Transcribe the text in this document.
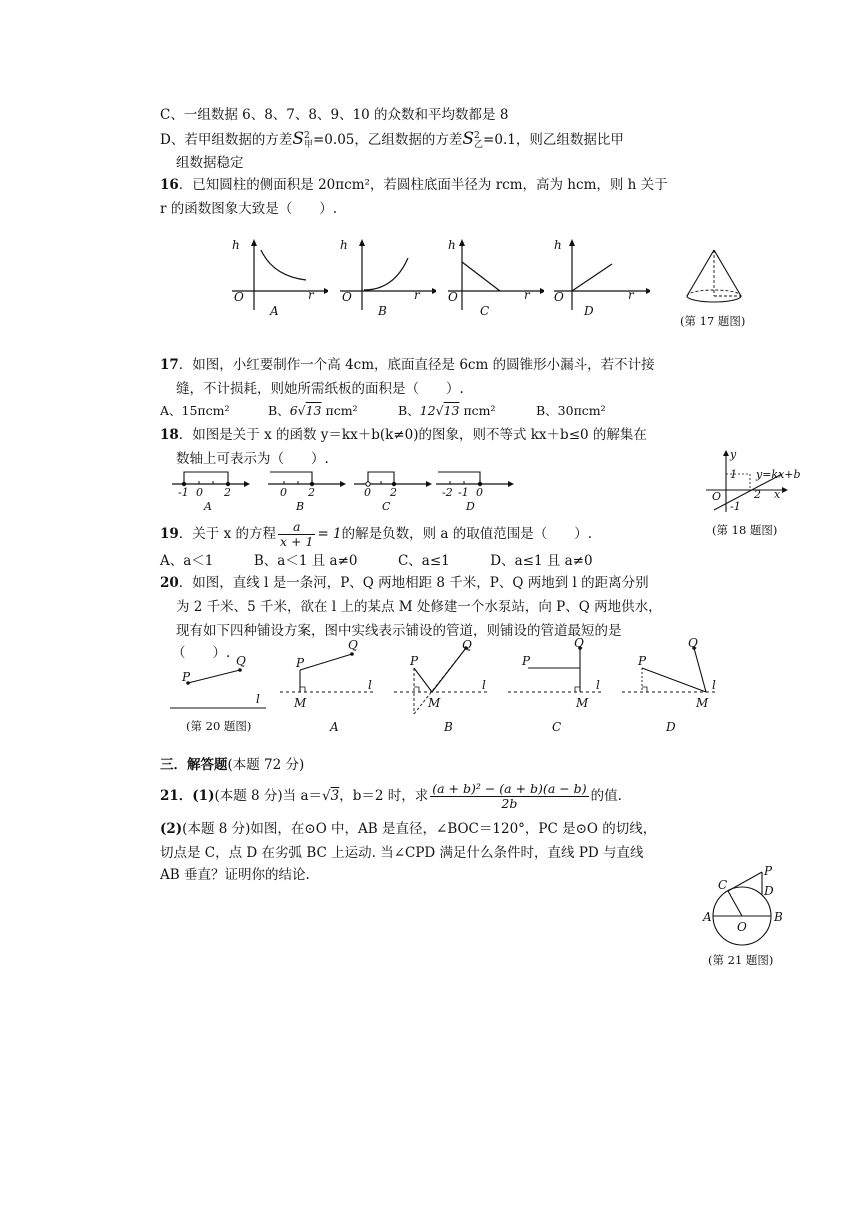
C、一组数据 6、8、7、8、9、10 的众数和平均数都是 8
D、若甲组数据的方差S 2
甲 =0.05，乙组数据的方差S 2
乙 =0.1，则乙组数据比甲
组数据稳定
16．已知圆柱的侧面积是 20πcm²，若圆柱底面半径为 rcm，高为 hcm，则 h 关于
r 的函数图象大致是（　　）.
h
r
O
A
h
r
O
B
h
r
O
C
h
r
O
D
(第 17 题图)
17．如图，小红要制作一个高 4cm，底面直径是 6cm 的圆锥形小漏斗，若不计接
缝，不计损耗，则她所需纸板的面积是（　　）.
A、15πcm²	B、6√13 πcm²	B、12√13 πcm²	B、30πcm²
18．如图是关于 x 的函数 y＝kx＋b(k≠0)的图象，则不等式 kx＋b≤0 的解集在
数轴上可表示为（　　）.
-1 0 2
A
0 2
B
0 2
C
-2 -1 0
D
y
1 y=kx+b
O	2 x
-1
(第 18 题图)
19．关于 x 的方程 $\frac{a}{x + 1} = 1$的解是负数，则 a 的取值范围是（　　）.
A、a＜1　　　B、a＜1 且 a≠0　　　C、a≤1　　　D、a≤1 且 a≠0
20．如图，直线 l 是一条河，P、Q 两地相距 8 千米，P、Q 两地到 l 的距离分别
为 2 千米、5 千米，欲在 l 上的某点 M 处修建一个水泵站，向 P、Q 两地供水，
现有如下四种铺设方案，图中实线表示铺设的管道，则铺设的管道最短的是
（　　）.
P
Q
l
(第 20 题图)
P
Q
l
M
A
P
Q
l
M
B
P
Q
l
M
C
P
Q
l
M
D
三．解答题(本题 72 分)
21．(1)(本题 8 分)当 a＝√3，b＝2 时，求 $\frac{\text{(a + b)² − (a + b)(a − b)}}{2b}$ 的值.
(2)(本题 8 分)如图，在⊙O 中，AB 是直径，∠BOC＝120°，PC 是⊙O 的切线，
切点是 C，点 D 在劣弧 BC 上运动. 当∠CPD 满足什么条件时，直线 PD 与直线
AB 垂直？证明你的结论.	P
C	D
A
O
B
(第 21 题图)
